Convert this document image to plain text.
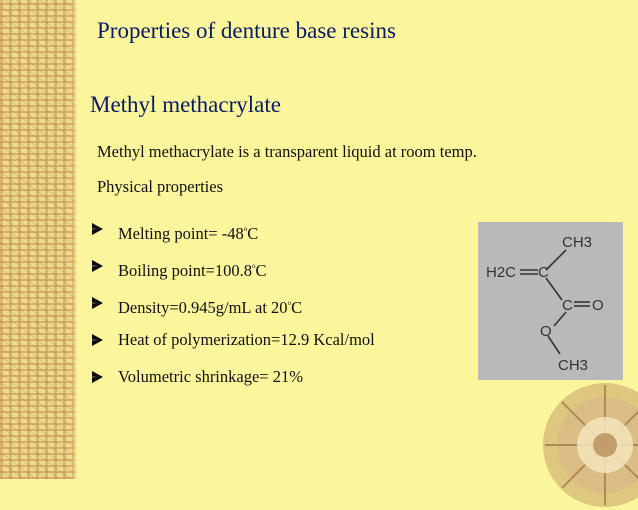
Properties of denture base resins
Methyl methacrylate
Methyl methacrylate is a transparent liquid at room temp.
Physical properties
Melting point= $-48^oC$
Boiling $point=100.8^oC$
Density=0.945g/mL at 20$^o$C
Heat of polymerization=12.9 Kcal/mol
Volumetric shrinkage= 21%
CH3
H2C C
C O
O
CH3
